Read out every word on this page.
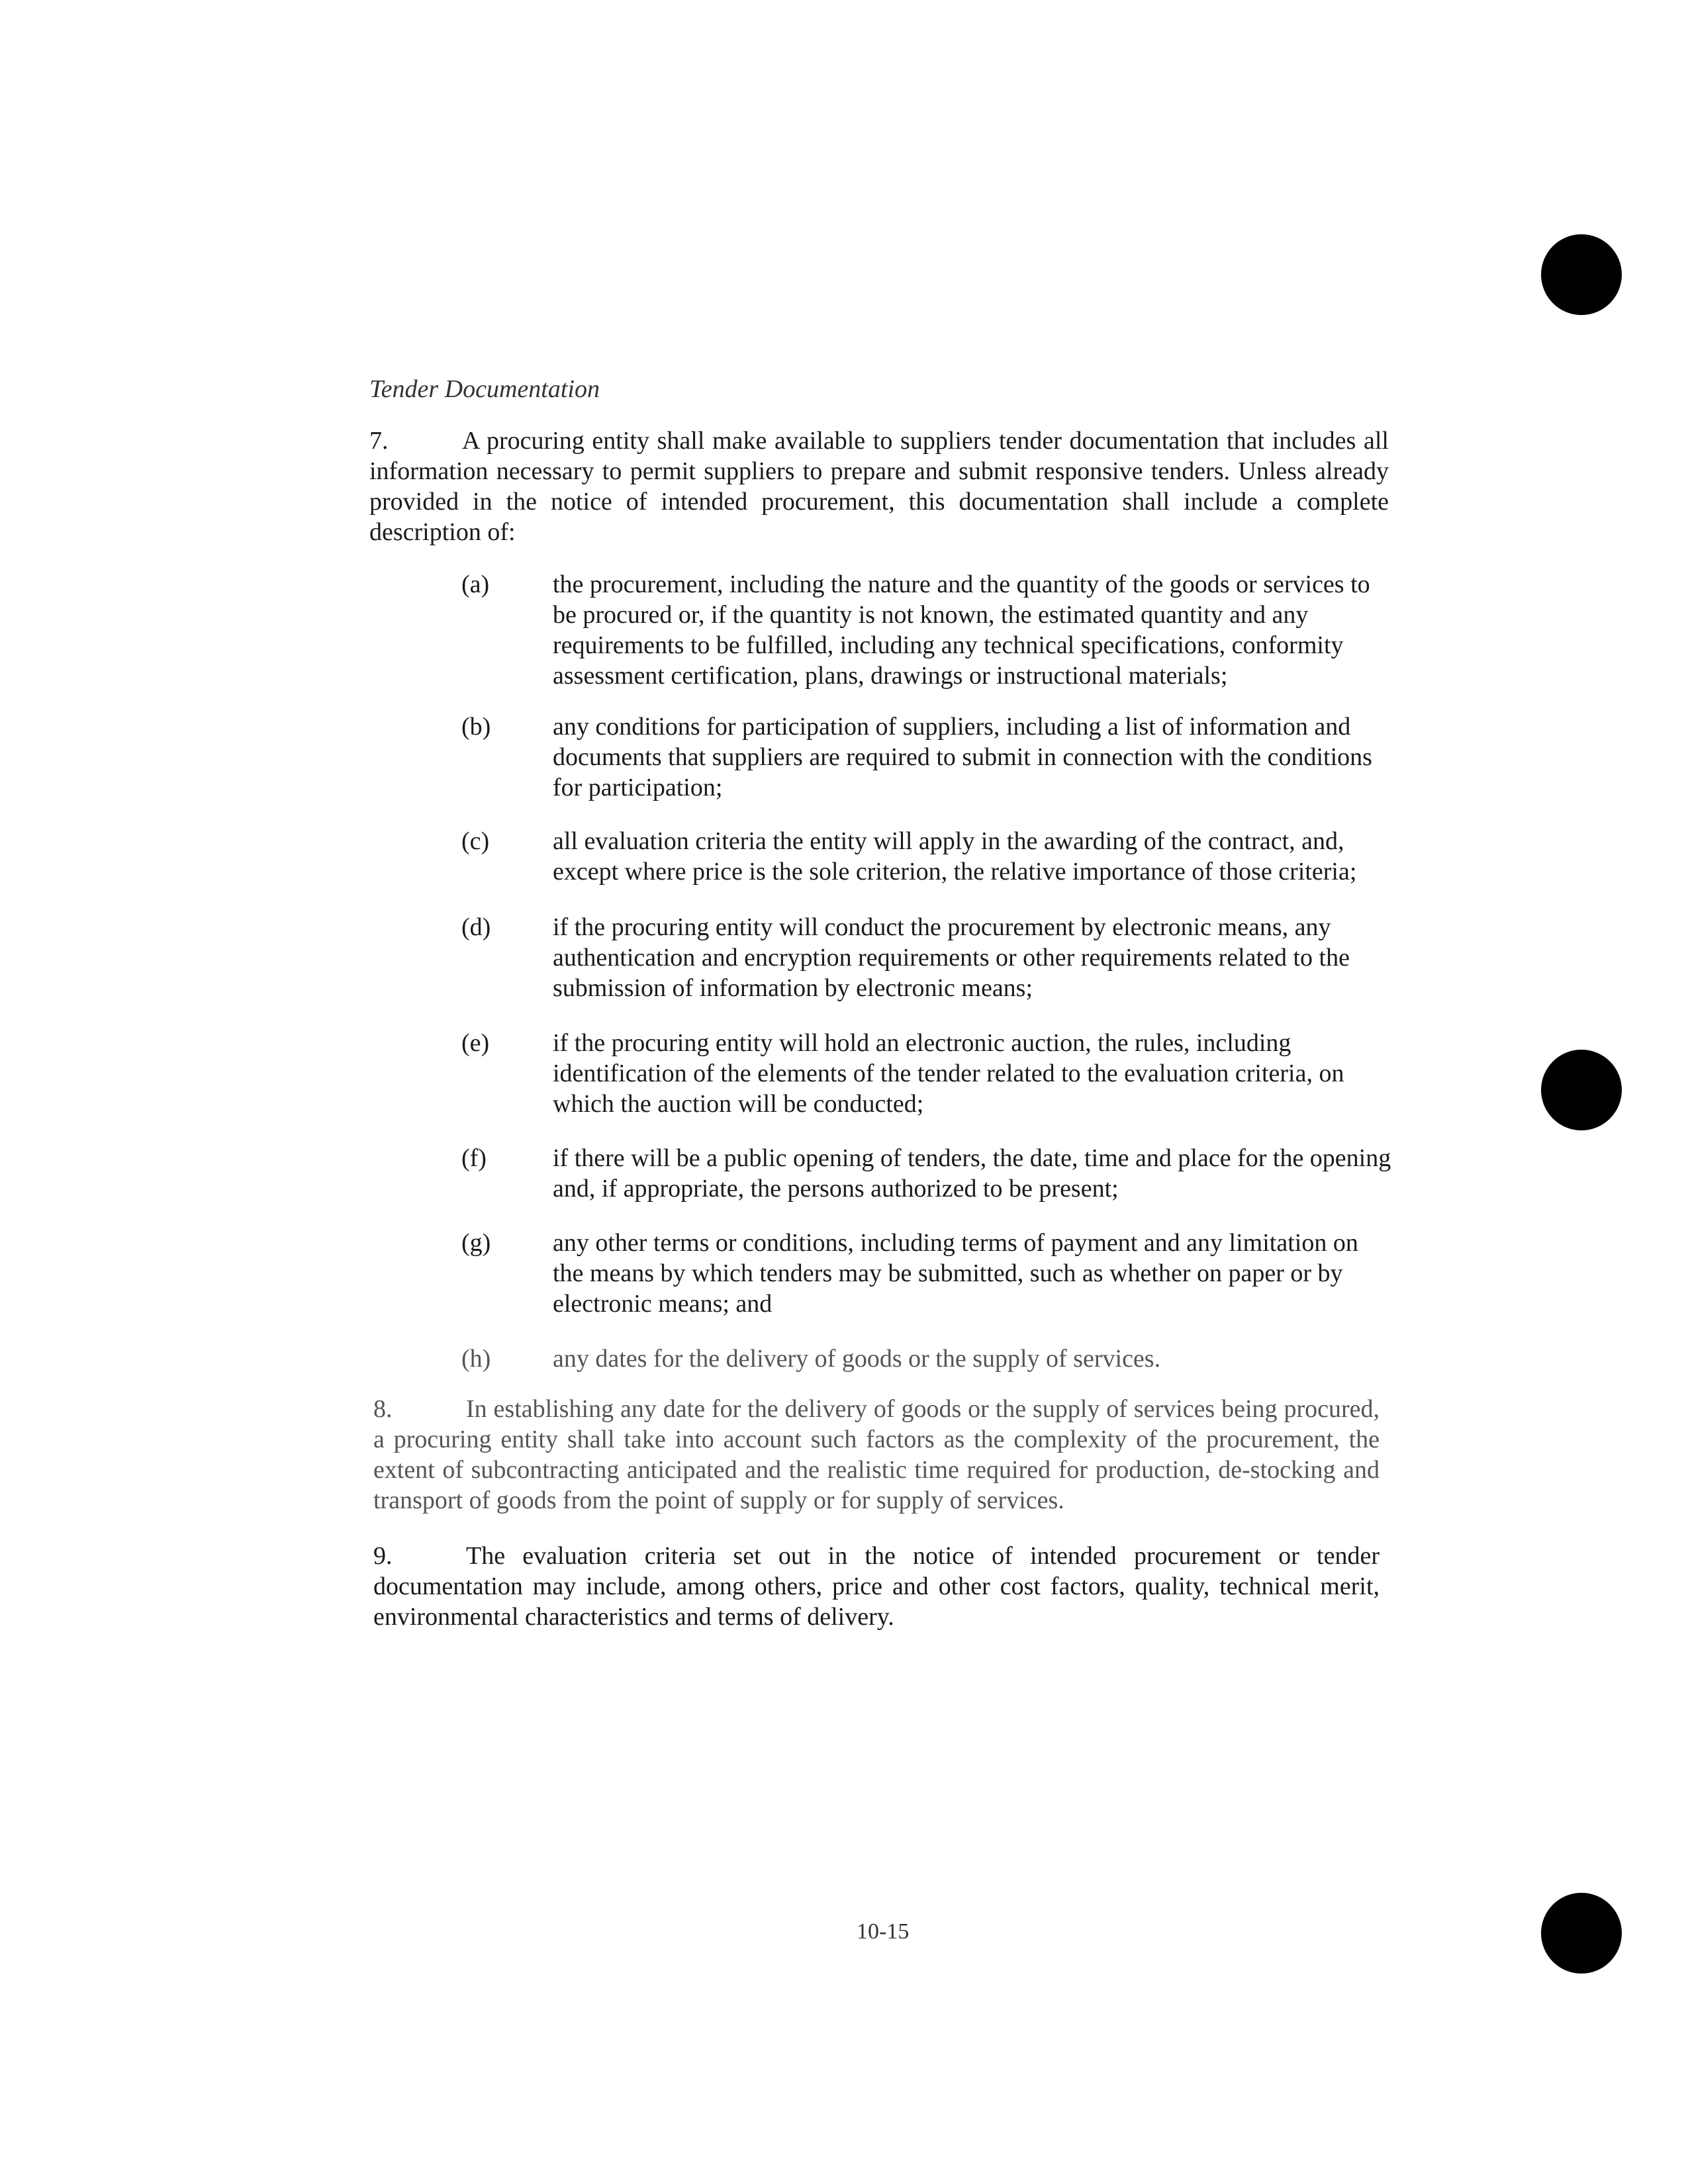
Tender Documentation
7.	A procuring entity shall make available to suppliers tender documentation that includes all information necessary to permit suppliers to prepare and submit responsive tenders. Unless already provided in the notice of intended procurement, this documentation shall include a complete description of:
(a)	the procurement, including the nature and the quantity of the goods or services to be procured or, if the quantity is not known, the estimated quantity and any requirements to be fulfilled, including any technical specifications, conformity assessment certification, plans, drawings or instructional materials;
(b) any conditions for participation of suppliers, including a list of information and documents that suppliers are required to submit in connection with the conditions for participation;
(c)	all evaluation criteria the entity will apply in the awarding of the contract, and, except where price is the sole criterion, the relative importance of those criteria;
(d) if the procuring entity will conduct the procurement by electronic means, any authentication and encryption requirements or other requirements related to the submission of information by electronic means;
(e)	if the procuring entity will hold an electronic auction, the rules, including identification of the elements of the tender related to the evaluation criteria, on which the auction will be conducted;
(f)	if there will be a public opening of tenders, the date, time and place for the opening and, if appropriate, the persons authorized to be present;
(g) any other terms or conditions, including terms of payment and any limitation on the means by which tenders may be submitted, such as whether on paper or by electronic means; and
(h) any dates for the delivery of goods or the supply of services.
8.	In establishing any date for the delivery of goods or the supply of services being procured, a procuring entity shall take into account such factors as the complexity of the procurement, the extent of subcontracting anticipated and the realistic time required for production, de-stocking and transport of goods from the point of supply or for supply of services.
9.	The evaluation criteria set out in the notice of intended procurement or tender documentation may include, among others, price and other cost factors, quality, technical merit, environmental characteristics and terms of delivery.
10-15
